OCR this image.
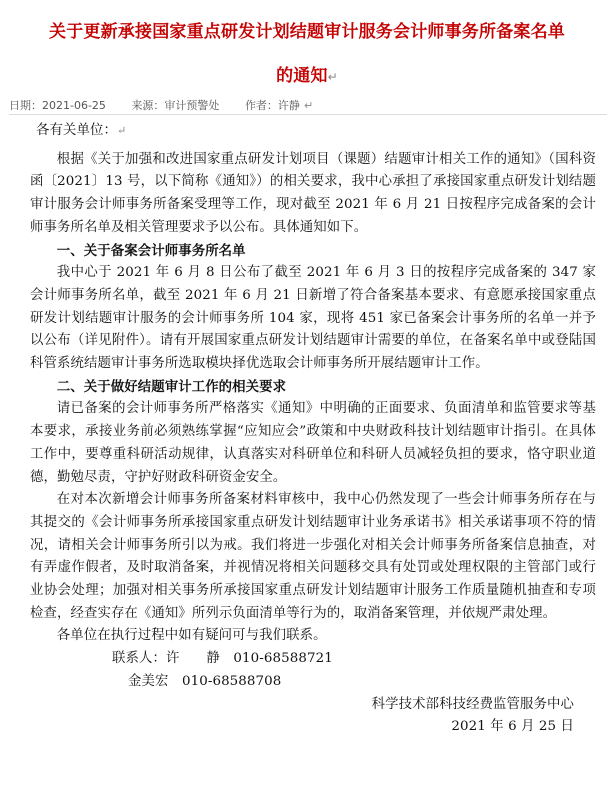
关于更新承接国家重点研发计划结题审计服务会计师事务所备案名单
的通知↵
日期：2021-06-25 来源：审计预警处 作者：许静 ↵

各有关单位：↵

根据《关于加强和改进国家重点研发计划项目（课题）结题审计相关工作的通知》（国科资函〔2021〕13 号，以下简称《通知》）的相关要求，我中心承担了承接国家重点研发计划结题审计服务会计师事务所备案受理等工作，现对截至 2021 年 6 月 21 日按程序完成备案的会计师事务所名单及相关管理要求予以公布。具体通知如下。

一、关于备案会计师事务所名单

我中心于 2021 年 6 月 8 日公布了截至 2021 年 6 月 3 日的按程序完成备案的 347 家会计师事务所名单，截至 2021 年 6 月 21 日新增了符合备案基本要求、有意愿承接国家重点研发计划结题审计服务的会计师事务所 104 家，现将 451 家已备案会计事务所的名单一并予以公布（详见附件）。请有开展国家重点研发计划结题审计需要的单位，在备案名单中或登陆国科管系统结题审计事务所选取模块择优选取会计师事务所开展结题审计工作。

二、关于做好结题审计工作的相关要求

请已备案的会计师事务所严格落实《通知》中明确的正面要求、负面清单和监管要求等基本要求，承接业务前必须熟练掌握“应知应会”政策和中央财政科技计划结题审计指引。在具体工作中，要尊重科研活动规律，认真落实对科研单位和科研人员减轻负担的要求，恪守职业道德，勤勉尽责，守护好财政科研资金安全。

在对本次新增会计师事务所备案材料审核中，我中心仍然发现了一些会计师事务所存在与其提交的《会计师事务所承接国家重点研发计划结题审计业务承诺书》相关承诺事项不符的情况，请相关会计师事务所引以为戒。我们将进一步强化对相关会计师事务所备案信息抽查，对有弄虚作假者，及时取消备案，并视情况将相关问题移交具有处罚或处理权限的主管部门或行业协会处理；加强对相关事务所承接国家重点研发计划结题审计服务工作质量随机抽查和专项检查，经查实存在《通知》所列示负面清单等行为的，取消备案管理，并依规严肃处理。

各单位在执行过程中如有疑问可与我们联系。

联系人：许　　静　010-68588721

金美宏　010-68588708

科学技术部科技经费监管服务中心

2021 年 6 月 25 日
